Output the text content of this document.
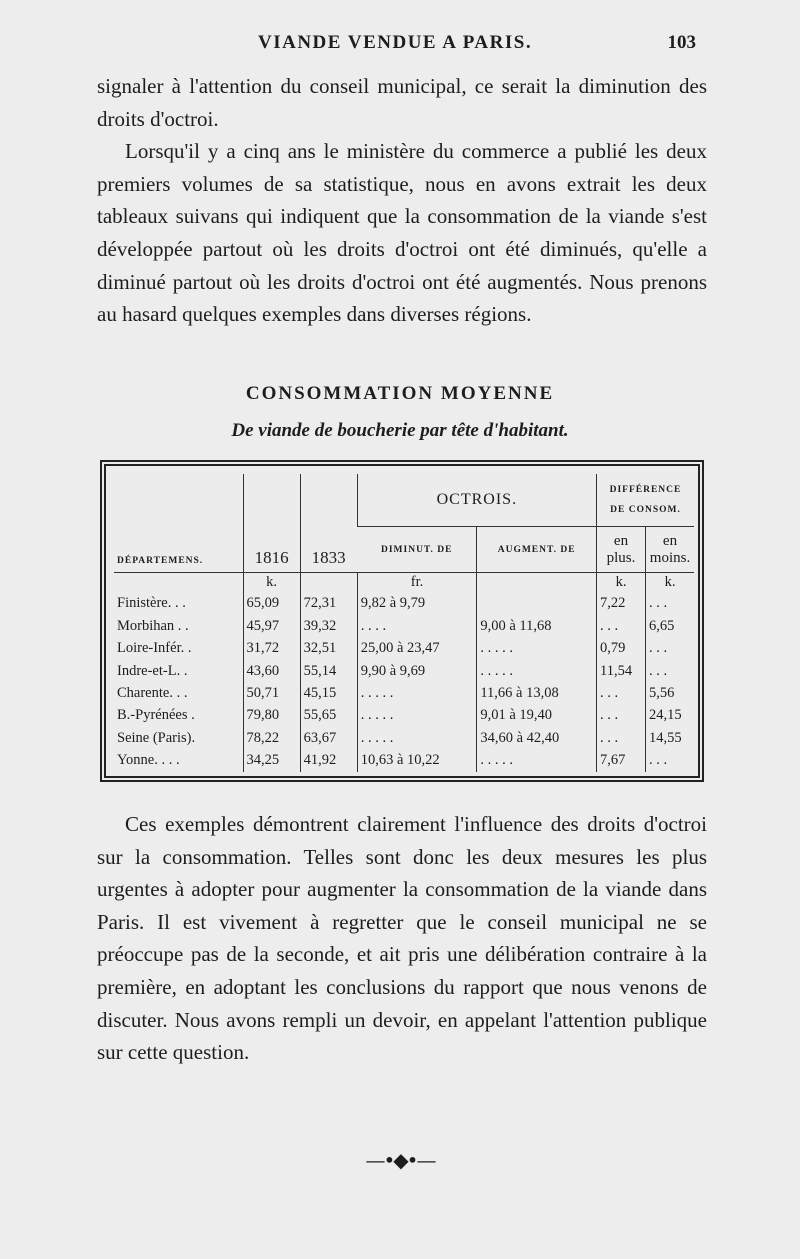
VIANDE VENDUE A PARIS.	103

signaler à l'attention du conseil municipal, ce serait la diminution des droits d'octroi.

Lorsqu'il y a cinq ans le ministère du commerce a publié les deux premiers volumes de sa statistique, nous en avons extrait les deux tableaux suivans qui indiquent que la consommation de la viande s'est développée partout où les droits d'octroi ont été diminués, qu'elle a diminué partout où les droits d'octroi ont été augmentés. Nous prenons au hasard quelques exemples dans diverses régions.

CONSOMMATION MOYENNE
De viande de boucherie par tête d'habitant.
DÉPARTEMENS.	1816	1833	OCTROIS.		DIFFÉRENCE
DE CONSOM.	

			DIMINUT. DE	AUGMENT. DE	en plus.	en moins.
	k.		fr.		k.	k.
Finistère. . .	65,09	72,31	9,82 à 9,79		7,22	. . .
Morbihan . .	45,97	39,32	. . . .	9,00 à 11,68	. . .	6,65
Loire-Infér. .	31,72	32,51	25,00 à 23,47	. . . . .	0,79	. . .
Indre-et-L. .	43,60	55,14	9,90 à 9,69	. . . . .	11,54	. . .
Charente. . .	50,71	45,15	. . . . .	11,66 à 13,08	. . .	5,56
B.-Pyrénées .	79,80	55,65	. . . . .	9,01 à 19,40	. . .	24,15
Seine (Paris).	78,22	63,67	. . . . .	34,60 à 42,40	. . .	14,55
Yonne. . . .	34,25	41,92	10,63 à 10,22	. . . . .	7,67	. . .

Ces exemples démontrent clairement l'influence des droits d'octroi sur la consommation. Telles sont donc les deux mesures les plus urgentes à adopter pour augmenter la consommation de la viande dans Paris. Il est vivement à regretter que le conseil municipal ne se préoccupe pas de la seconde, et ait pris une délibération contraire à la première, en adoptant les conclusions du rapport que nous venons de discuter. Nous avons rempli un devoir, en appelant l'attention publique sur cette question.

—•◆•—
